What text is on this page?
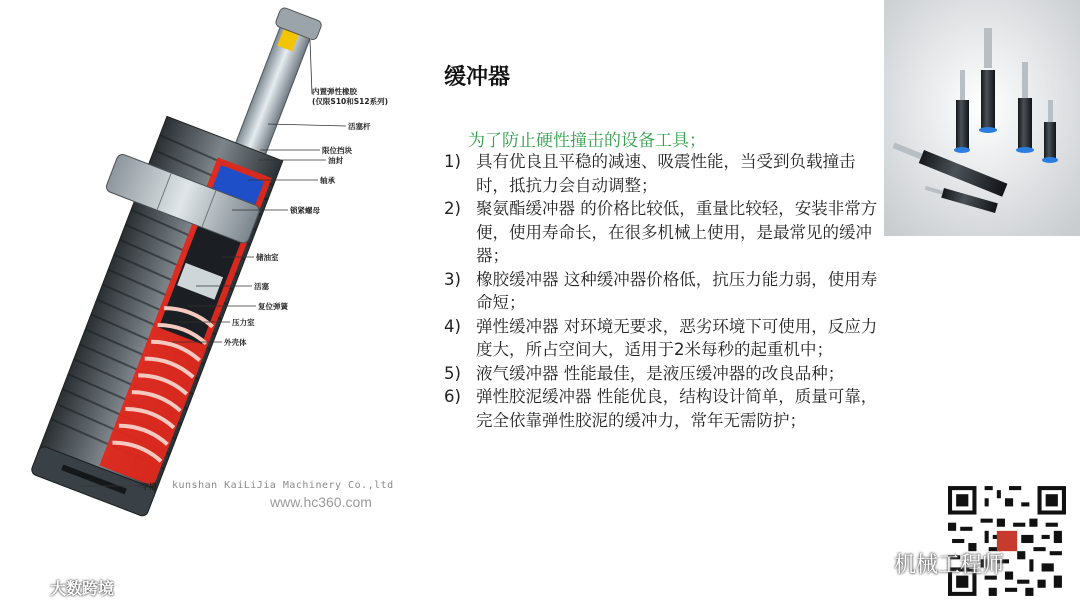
内置弹性橡胶
(仅限S10和S12系列)
活塞杆
限位挡块
油封
轴承
锁紧螺母
储油室
活塞
复位弹簧
压力室
外壳体
一字槽 kunshan KaiLiJia Machinery Co.,ltd
www.hc360.com
缓冲器
为了防止硬性撞击的设备工具；
1) 具有优良且平稳的减速、吸震性能，当受到负载撞击时，抵抗力会自动调整；
2) 聚氨酯缓冲器 的价格比较低，重量比较轻，安装非常方便，使用寿命长，在很多机械上使用，是最常见的缓冲器；
3) 橡胶缓冲器 这种缓冲器价格低，抗压力能力弱，使用寿命短；
4) 弹性缓冲器 对环境无要求，恶劣环境下可使用，反应力度大，所占空间大，适用于2米每秒的起重机中；
5) 液气缓冲器 性能最佳，是液压缓冲器的改良品种；
6) 弹性胶泥缓冲器 性能优良，结构设计简单，质量可靠，完全依靠弹性胶泥的缓冲力，常年无需防护；
大数跨境
机械工程师
